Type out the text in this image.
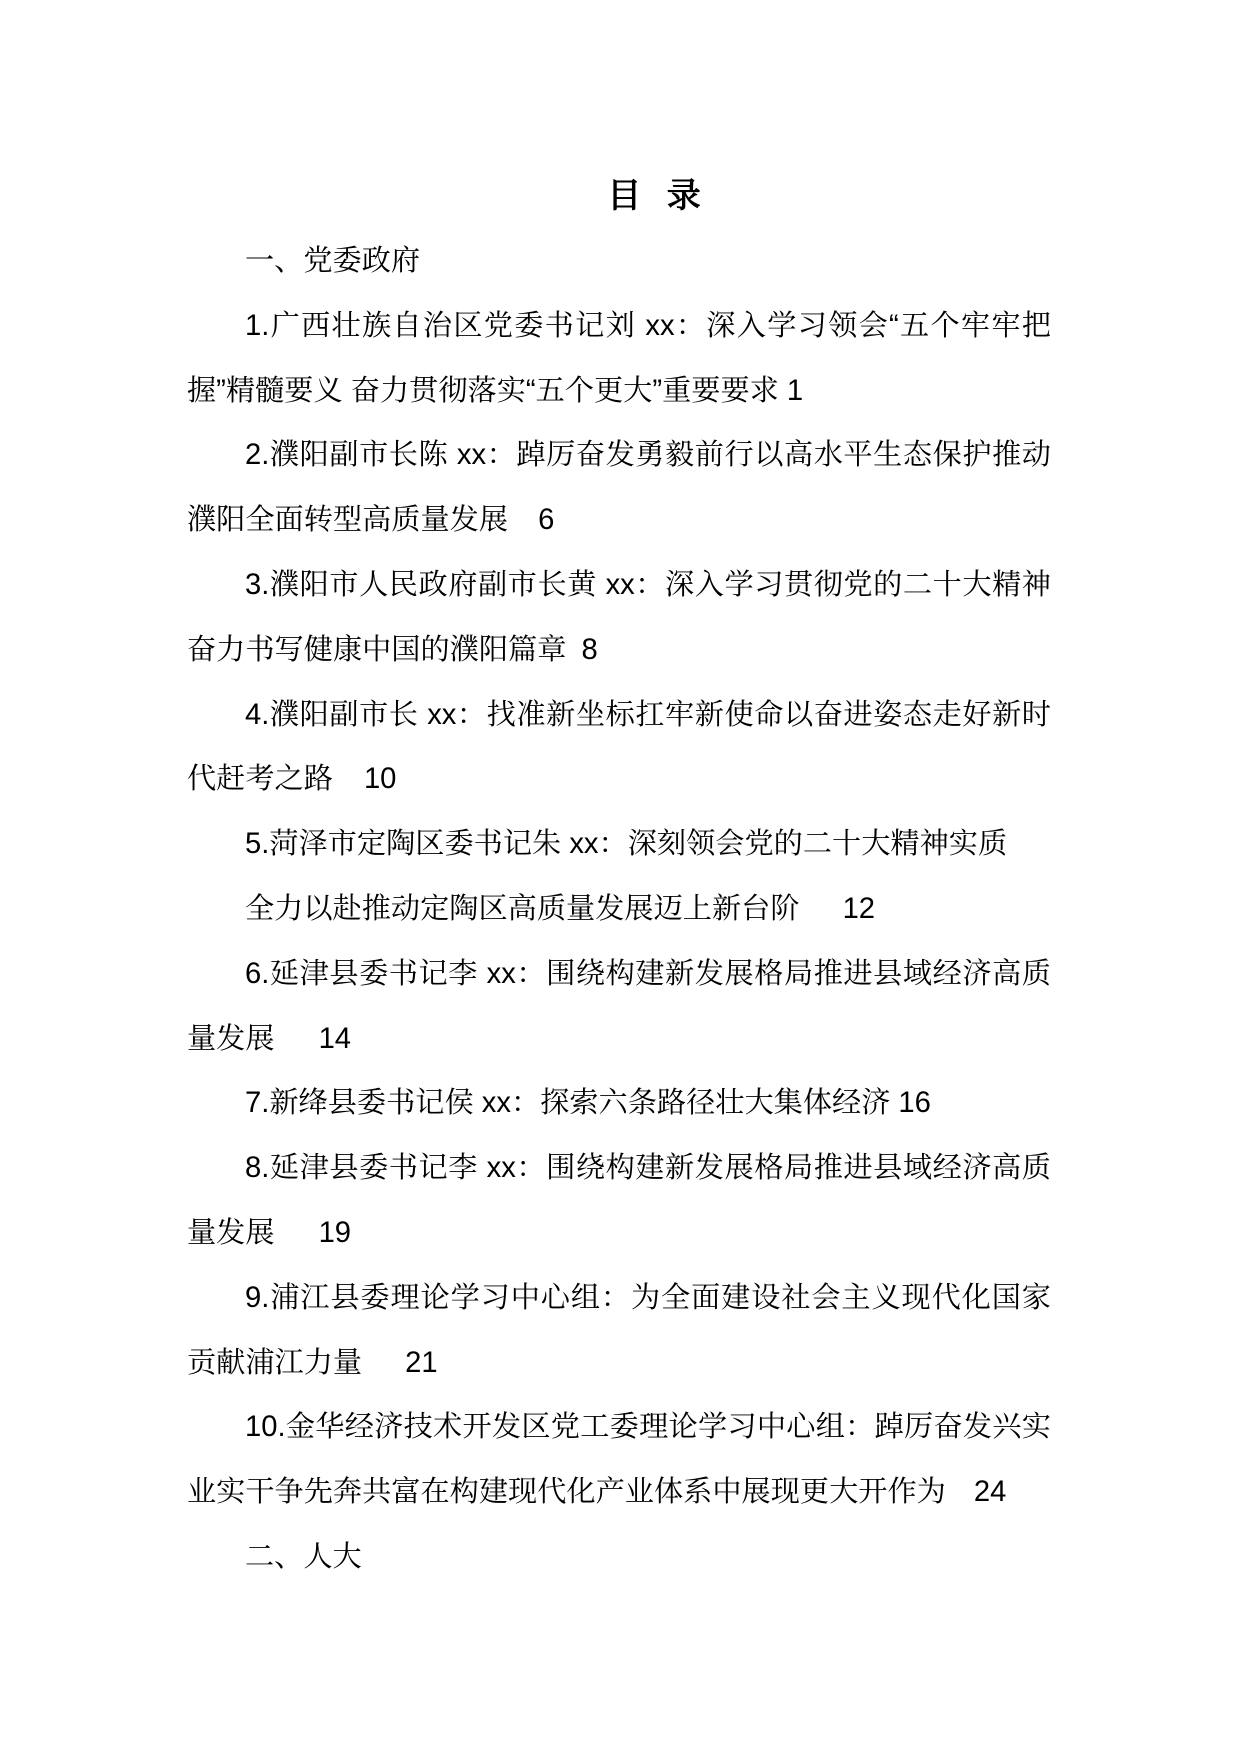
目 录
一、党委政府
1.广西壮族自治区党委书记刘 xx：深入学习领会“五个牢牢把
握”精髓要义 奋力贯彻落实“五个更大”重要要求 1
2.濮阳副市长陈 xx：踔厉奋发勇毅前行以高水平生态保护推动
濮阳全面转型高质量发展 6
3.濮阳市人民政府副市长黄 xx：深入学习贯彻党的二十大精神
奋力书写健康中国的濮阳篇章 8
4.濮阳副市长 xx：找准新坐标扛牢新使命以奋进姿态走好新时
代赶考之路 10
5.菏泽市定陶区委书记朱 xx：深刻领会党的二十大精神实质
全力以赴推动定陶区高质量发展迈上新台阶 12
6.延津县委书记李 xx：围绕构建新发展格局推进县域经济高质
量发展 14
7.新绛县委书记侯 xx：探索六条路径壮大集体经济 16
8.延津县委书记李 xx：围绕构建新发展格局推进县域经济高质
量发展 19
9.浦江县委理论学习中心组：为全面建设社会主义现代化国家
贡献浦江力量 21
10.金华经济技术开发区党工委理论学习中心组：踔厉奋发兴实
业实干争先奔共富在构建现代化产业体系中展现更大开作为 24
二、人大
